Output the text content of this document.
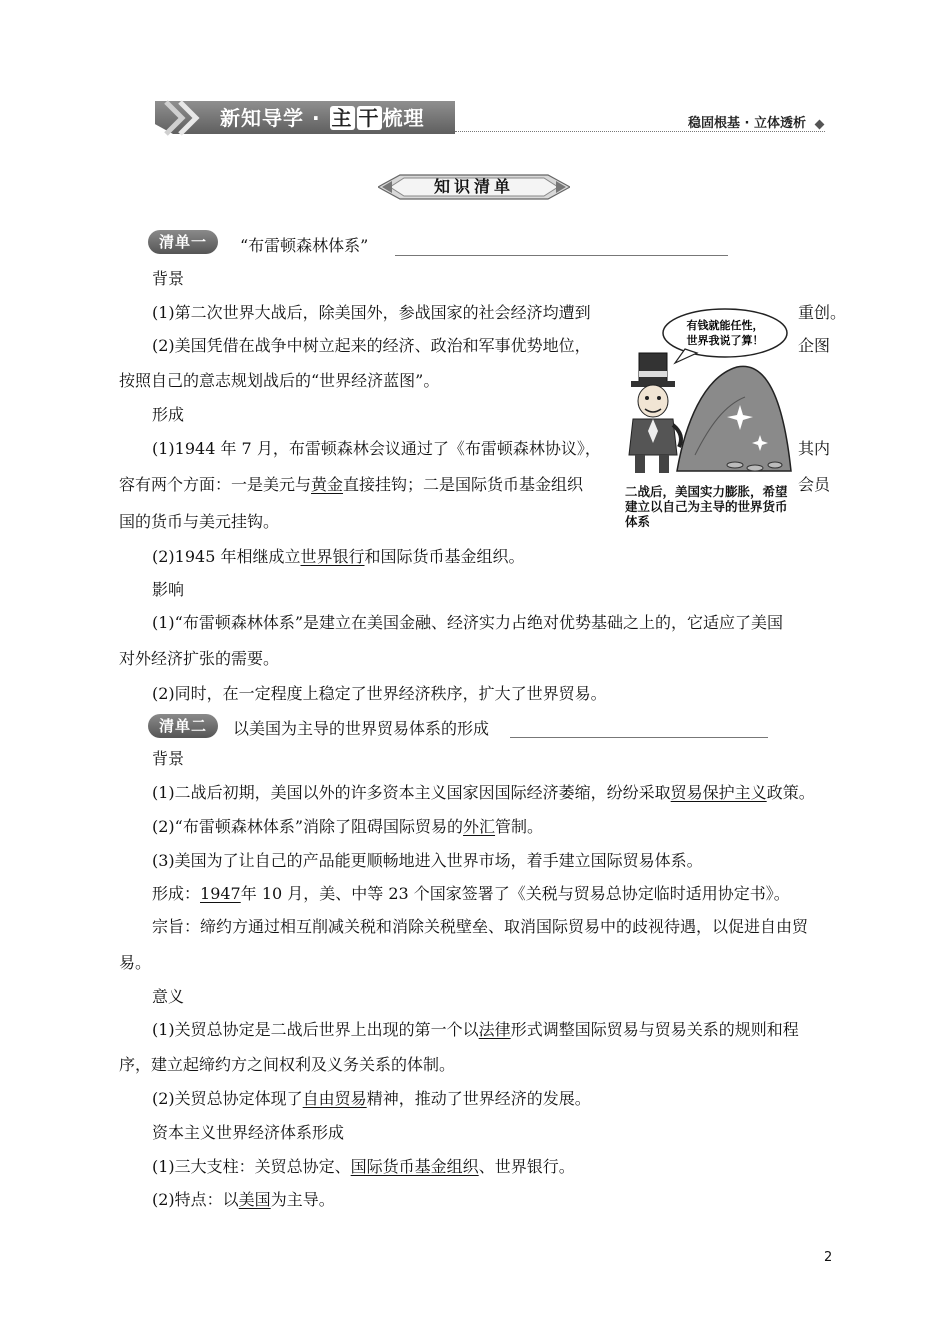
新知导学 · 主 干 梳理	稳固根基 · 立体透析
知识清单
清单一	“布雷顿森林体系”
背景
(1)第二次世界大战后，除美国外，参战国家的社会经济均遭到	重创。
(2)美国凭借在战争中树立起来的经济、政治和军事优势地位，	企图
按照自己的意志规划战后的“世界经济蓝图”。
形成
(1)1944 年 7 月，布雷顿森林会议通过了《布雷顿森林协议》，	其内
容有两个方面：一是美元与黄金直接挂钩；二是国际货币基金组织	会员
国的货币与美元挂钩。
(2)1945 年相继成立世界银行和国际货币基金组织。
影响
(1)“布雷顿森林体系”是建立在美国金融、经济实力占绝对优势基础之上的，它适应了美国
对外经济扩张的需要。
(2)同时，在一定程度上稳定了世界经济秩序，扩大了世界贸易。
有钱就能任性，
世界我说了算！
二战后，美国实力膨胀，希望建立以自己为主导的世界货币体系
清单二	以美国为主导的世界贸易体系的形成
背景
(1)二战后初期，美国以外的许多资本主义国家因国际经济萎缩，纷纷采取贸易保护主义政策。
(2)“布雷顿森林体系”消除了阻碍国际贸易的外汇管制。
(3)美国为了让自己的产品能更顺畅地进入世界市场，着手建立国际贸易体系。
形成：1947年 10 月，美、中等 23 个国家签署了《关税与贸易总协定临时适用协定书》。
宗旨：缔约方通过相互削减关税和消除关税壁垒、取消国际贸易中的歧视待遇，以促进自由贸
易。
意义
(1)关贸总协定是二战后世界上出现的第一个以法律形式调整国际贸易与贸易关系的规则和程
序，建立起缔约方之间权利及义务关系的体制。
(2)关贸总协定体现了自由贸易精神，推动了世界经济的发展。
资本主义世界经济体系形成
(1)三大支柱：关贸总协定、国际货币基金组织、世界银行。
(2)特点：以美国为主导。
2
